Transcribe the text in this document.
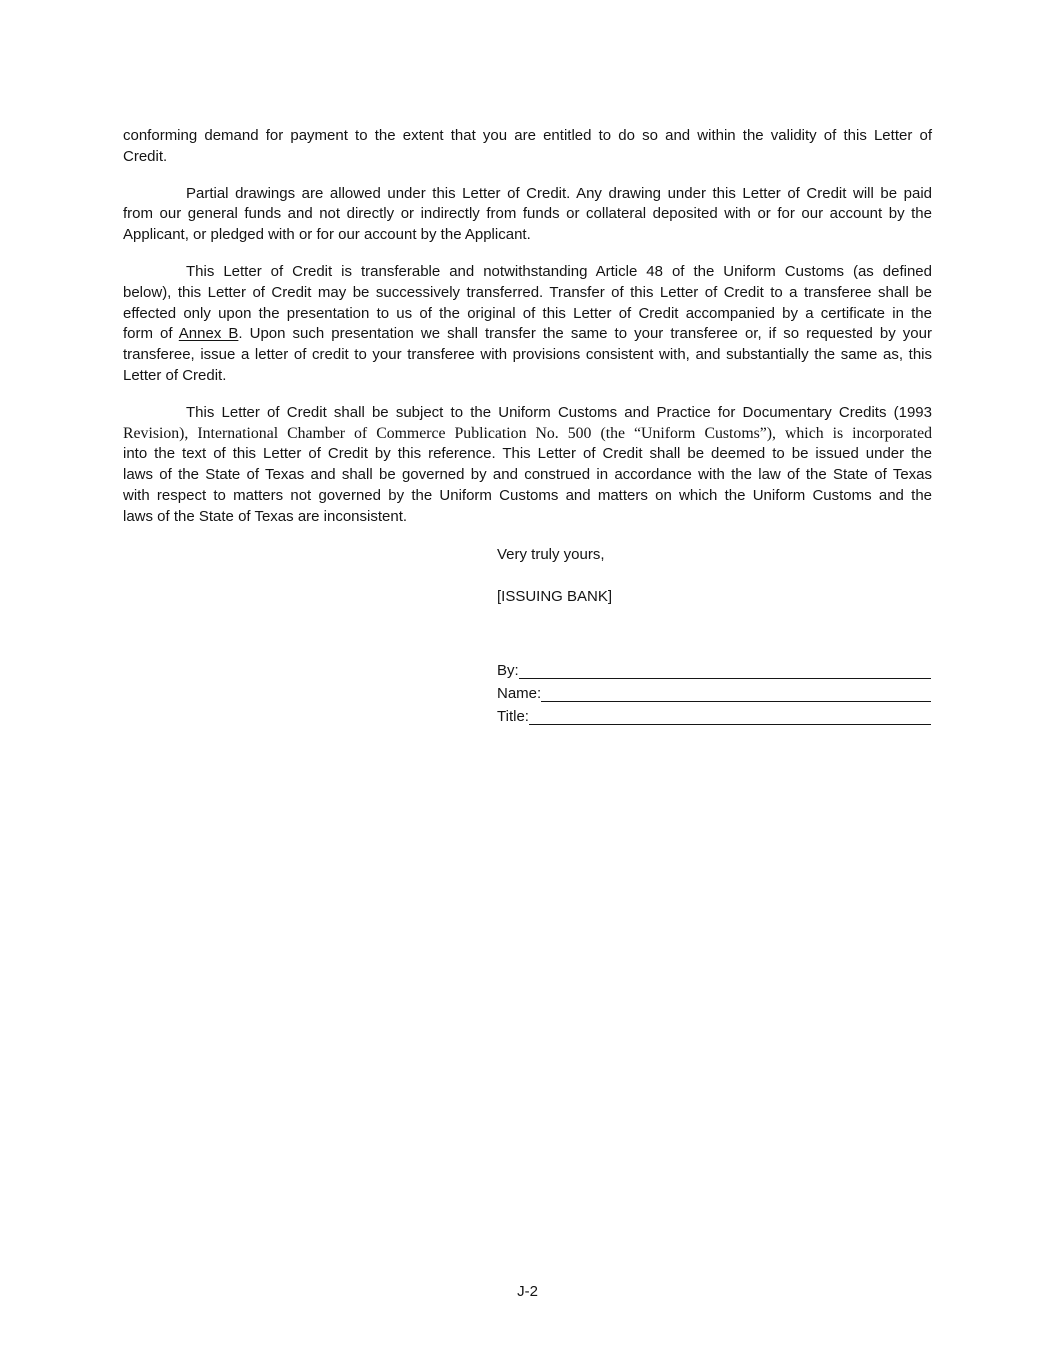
conforming demand for payment to the extent that you are entitled to do so and within the validity of this Letter of
Credit.
Partial drawings are allowed under this Letter of Credit. Any drawing under this Letter of Credit will be paid
from our general funds and not directly or indirectly from funds or collateral deposited with or for our account by the
Applicant, or pledged with or for our account by the Applicant.
This Letter of Credit is transferable and notwithstanding Article 48 of the Uniform Customs (as defined
below), this Letter of Credit may be successively transferred. Transfer of this Letter of Credit to a transferee shall be
effected only upon the presentation to us of the original of this Letter of Credit accompanied by a certificate in the
form of Annex B. Upon such presentation we shall transfer the same to your transferee or, if so requested by your
transferee, issue a letter of credit to your transferee with provisions consistent with, and substantially the same as, this
Letter of Credit.
This Letter of Credit shall be subject to the Uniform Customs and Practice for Documentary Credits (1993
Revision), International Chamber of Commerce Publication No. 500 (the “Uniform Customs”), which is incorporated
into the text of this Letter of Credit by this reference. This Letter of Credit shall be deemed to be issued under the
laws of the State of Texas and shall be governed by and construed in accordance with the law of the State of Texas
with respect to matters not governed by the Uniform Customs and matters on which the Uniform Customs and the
laws of the State of Texas are inconsistent.
Very truly yours,
[ISSUING BANK]
By:
Name:
Title:
J-2
